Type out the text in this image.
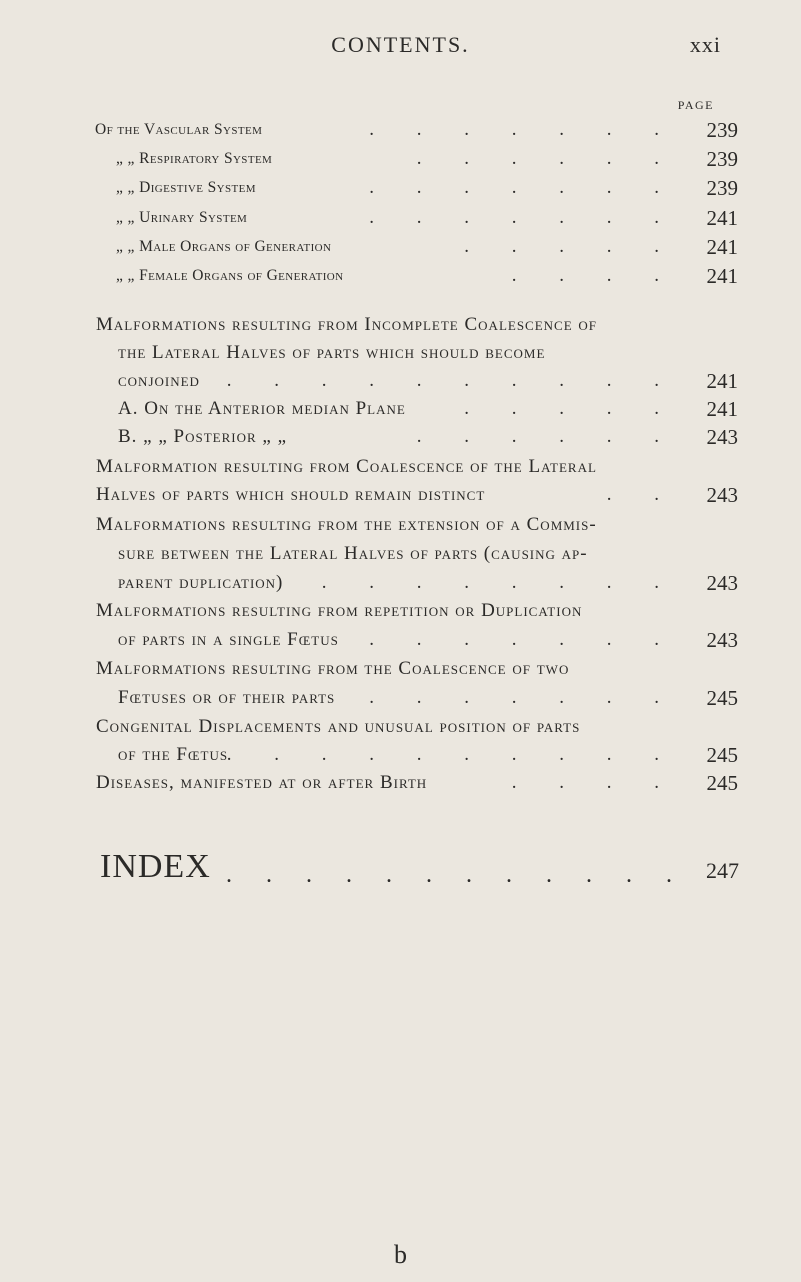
CONTENTS.	xxi
PAGE
Of the Vascular System	. . . . . . .	239
„ „ Respiratory System	. . . . . .	239
„ „ Digestive System	. . . . . . .	239
„ „ Urinary System	. . . . . . .	241
„ „ Male Organs of Generation	. . . . .	241
„ „ Female Organs of Generation	. . . .	241
Malformations resulting from Incomplete Coalescence of
the Lateral Halves of parts which should become
conjoined . . . . . . . . . .	241
A. On the Anterior median Plane	. . . . .	241
B. „ „ Posterior „ „	. . . . . .	243
Malformation resulting from Coalescence of the Lateral
Halves of parts which should remain distinct	. .	243
Malformations resulting from the extension of a Commis-
sure between the Lateral Halves of parts (causing ap-
parent duplication) . . . . . . . .	243
Malformations resulting from repetition or Duplication
of parts in a single Fœtus . . . . . . .	243
Malformations resulting from the Coalescence of two
Fœtuses or of their parts . . . . . . .	245
Congenital Displacements and unusual position of parts
of the Fœtus
. . . . . . . . . .	245
Diseases, manifested at or after Birth	. . . .	245
INDEX . . . . . . . . . . . . 247
b
